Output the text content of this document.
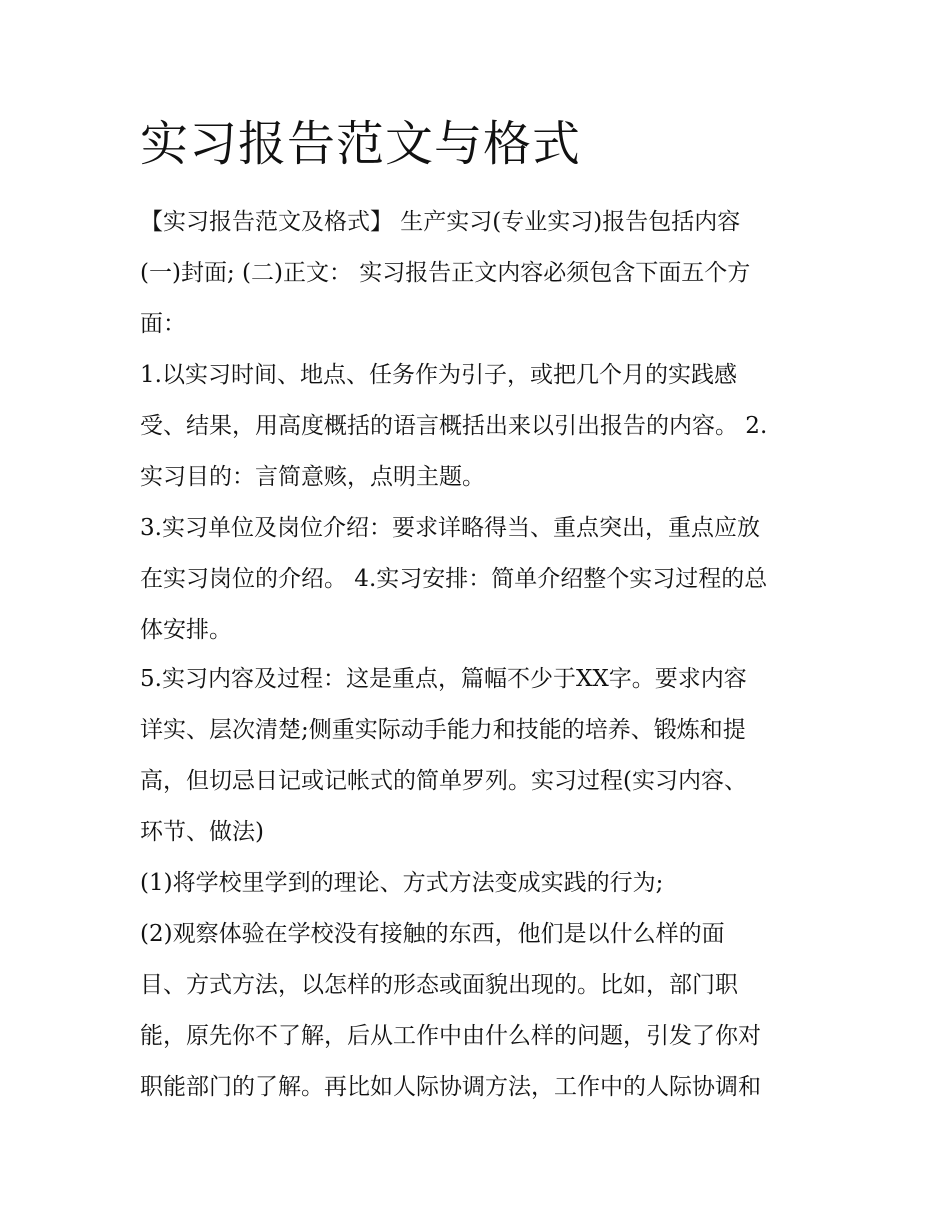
实习报告范文与格式

【实习报告范文及格式】 生产实习(专业实习)报告包括内容

(一)封面; (二)正文： 实习报告正文内容必须包含下面五个方

面：

1.以实习时间、地点、任务作为引子，或把几个月的实践感

受、结果，用高度概括的语言概括出来以引出报告的内容。 2.

实习目的：言简意赅，点明主题。

3.实习单位及岗位介绍：要求详略得当、重点突出，重点应放

在实习岗位的介绍。 4.实习安排：简单介绍整个实习过程的总

体安排。

5.实习内容及过程：这是重点，篇幅不少于XX字。要求内容

详实、层次清楚;侧重实际动手能力和技能的培养、锻炼和提

高，但切忌日记或记帐式的简单罗列。实习过程(实习内容、

环节、做法)

(1)将学校里学到的理论、方式方法变成实践的行为;

(2)观察体验在学校没有接触的东西，他们是以什么样的面

目、方式方法，以怎样的形态或面貌出现的。比如，部门职

能，原先你不了解，后从工作中由什么样的问题，引发了你对

职能部门的了解。再比如人际协调方法，工作中的人际协调和
